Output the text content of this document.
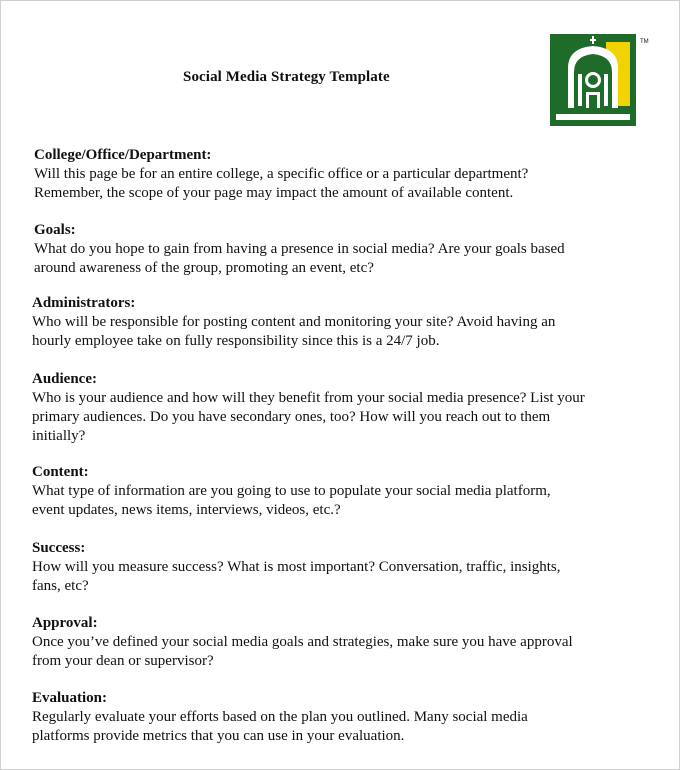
Social Media Strategy Template
TM
College/Office/Department:
Will this page be for an entire college, a specific office or a particular department?
Remember, the scope of your page may impact the amount of available content.
Goals:
What do you hope to gain from having a presence in social media? Are your goals based
around awareness of the group, promoting an event, etc?
Administrators:
Who will be responsible for posting content and monitoring your site? Avoid having an
hourly employee take on fully responsibility since this is a 24/7 job.
Audience:
Who is your audience and how will they benefit from your social media presence? List your
primary audiences. Do you have secondary ones, too? How will you reach out to them
initially?
Content:
What type of information are you going to use to populate your social media platform,
event updates, news items, interviews, videos, etc.?
Success:
How will you measure success? What is most important? Conversation, traffic, insights,
fans, etc?
Approval:
Once you’ve defined your social media goals and strategies, make sure you have approval
from your dean or supervisor?
Evaluation:
Regularly evaluate your efforts based on the plan you outlined. Many social media
platforms provide metrics that you can use in your evaluation.
